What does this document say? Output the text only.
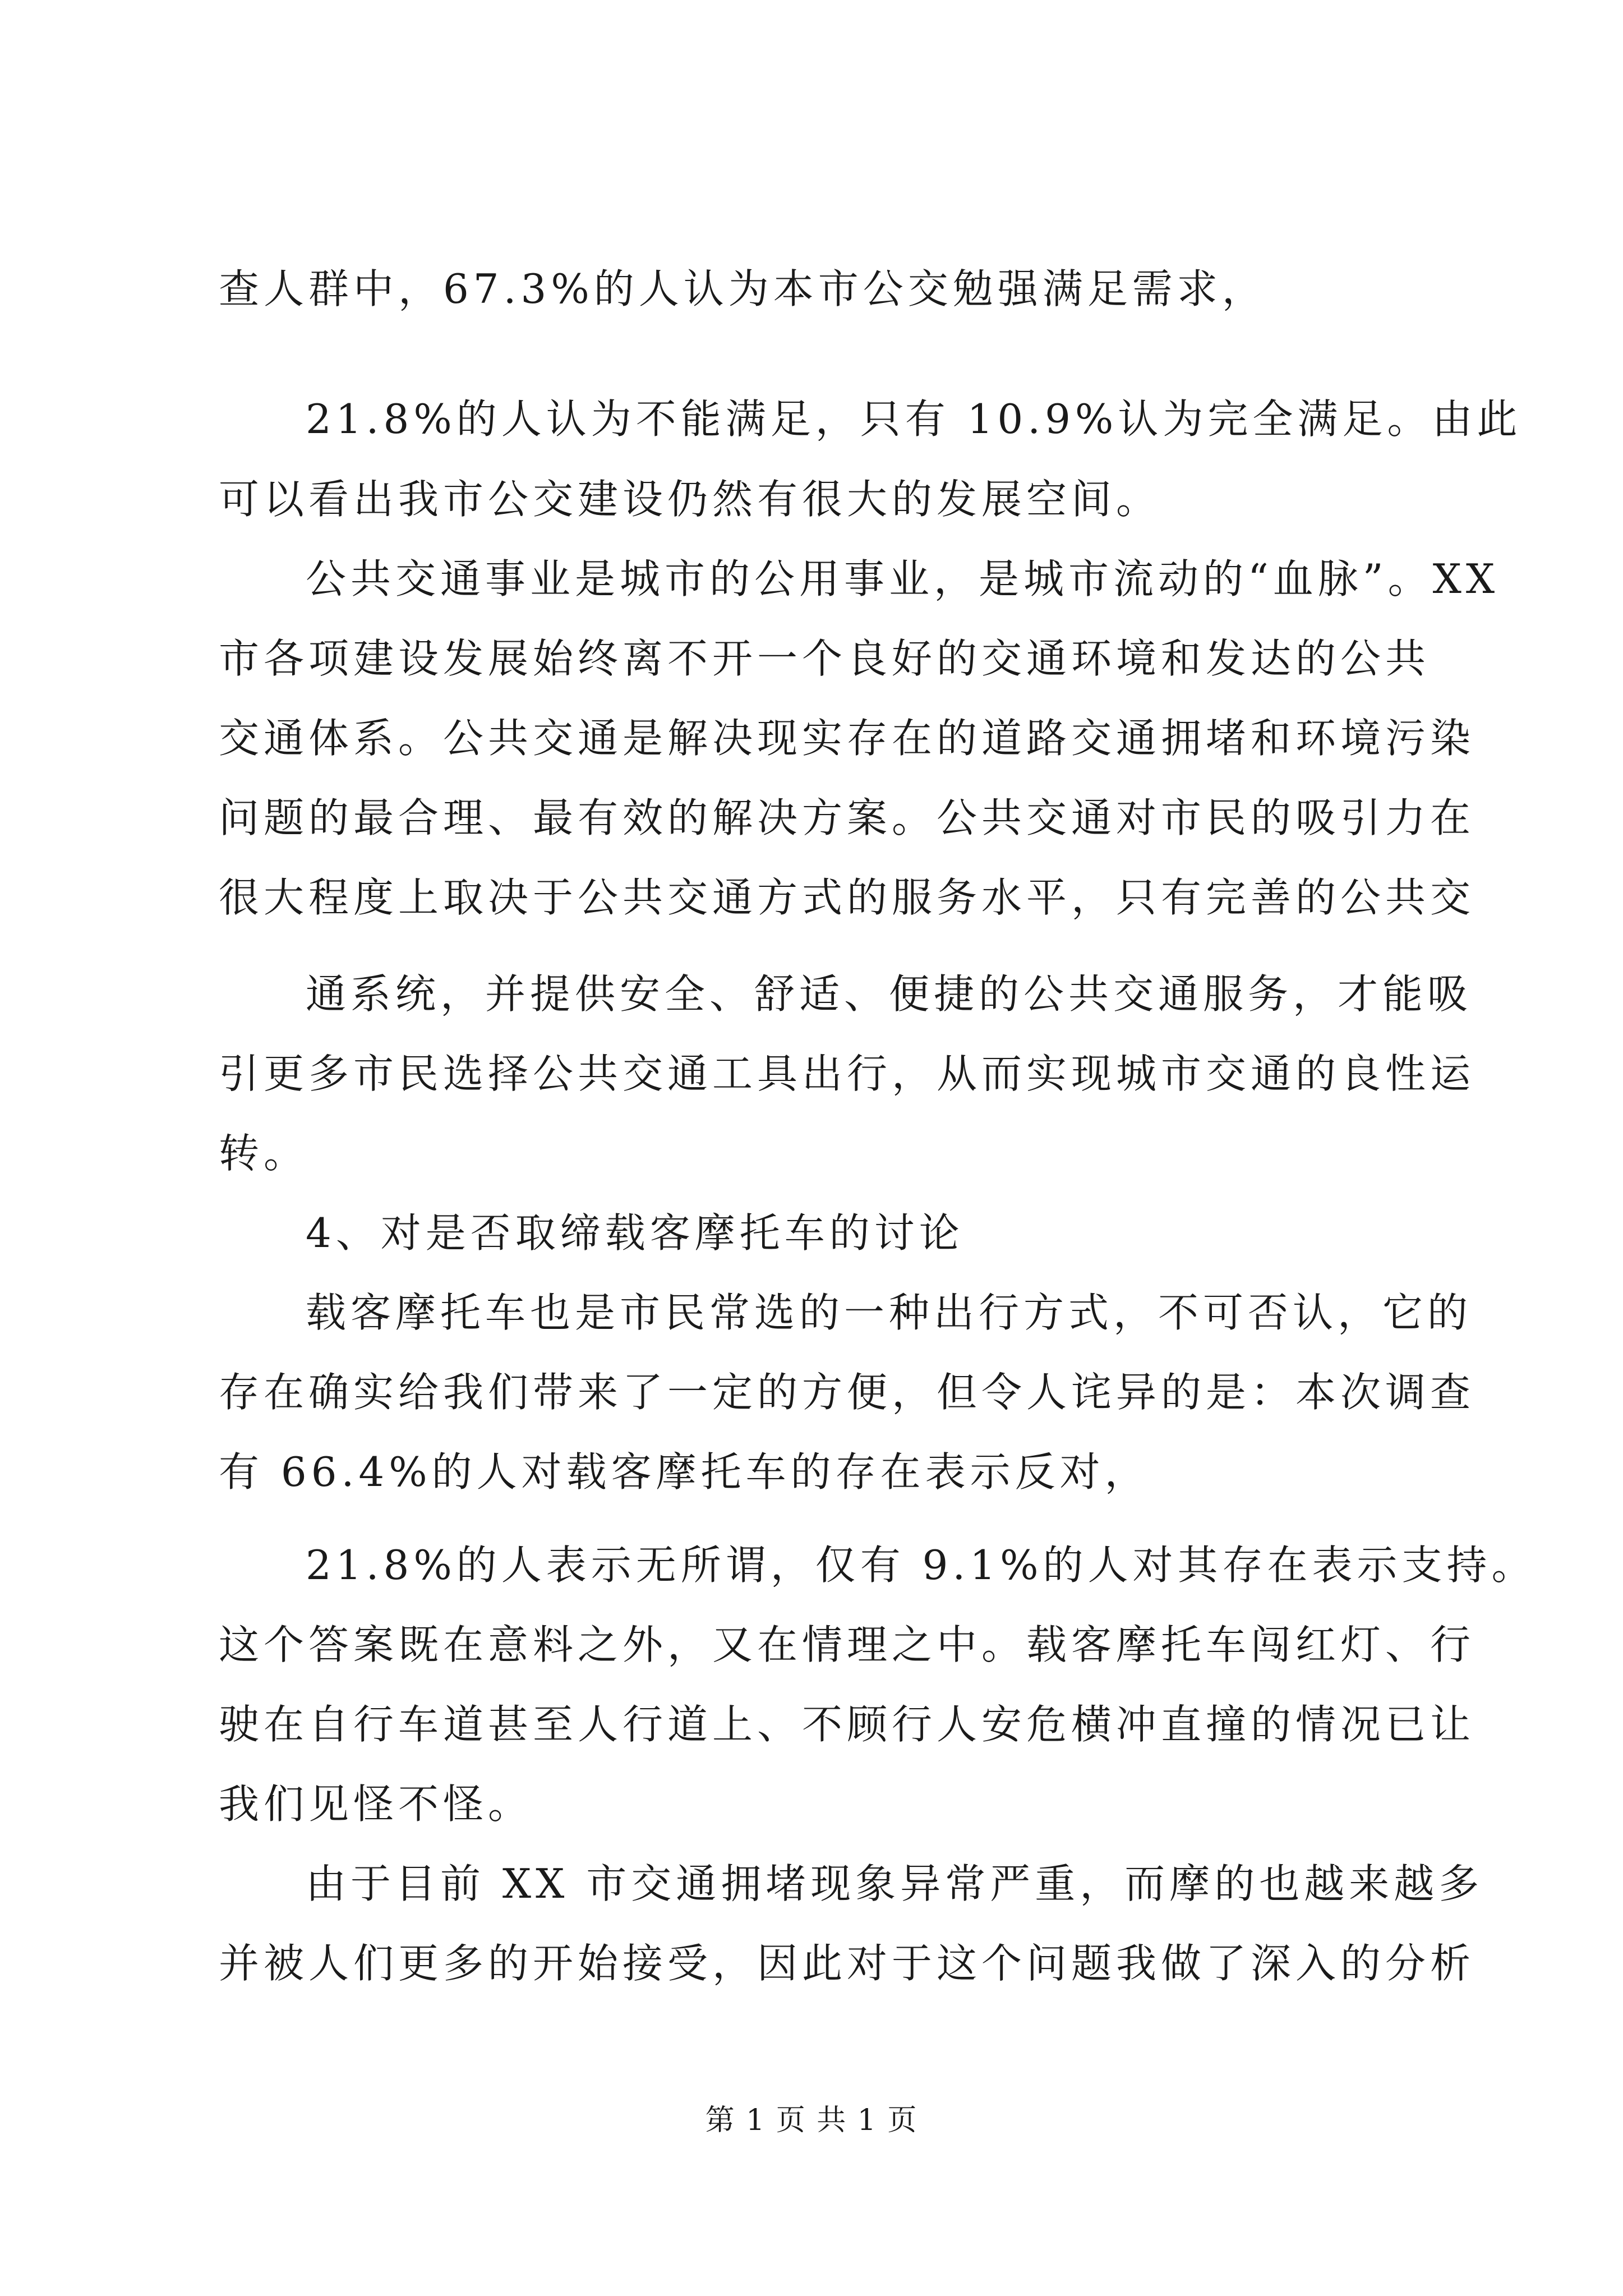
查人群中，67.3%的人认为本市公交勉强满足需求，
21.8%的人认为不能满足，只有 10.9%认为完全满足。由此
可以看出我市公交建设仍然有很大的发展空间。
公共交通事业是城市的公用事业，是城市流动的“血脉”。XX
市各项建设发展始终离不开一个良好的交通环境和发达的公共
交通体系。公共交通是解决现实存在的道路交通拥堵和环境污染
问题的最合理、最有效的解决方案。公共交通对市民的吸引力在
很大程度上取决于公共交通方式的服务水平，只有完善的公共交
通系统，并提供安全、舒适、便捷的公共交通服务，才能吸
引更多市民选择公共交通工具出行，从而实现城市交通的良性运
转。
4、对是否取缔载客摩托车的讨论
载客摩托车也是市民常选的一种出行方式，不可否认，它的
存在确实给我们带来了一定的方便，但令人诧异的是：本次调查
有 66.4%的人对载客摩托车的存在表示反对，
21.8%的人表示无所谓，仅有 9.1%的人对其存在表示支持。
这个答案既在意料之外，又在情理之中。载客摩托车闯红灯、行
驶在自行车道甚至人行道上、不顾行人安危横冲直撞的情况已让
我们见怪不怪。
由于目前 XX 市交通拥堵现象异常严重，而摩的也越来越多
并被人们更多的开始接受，因此对于这个问题我做了深入的分析
第 1 页 共 1 页
